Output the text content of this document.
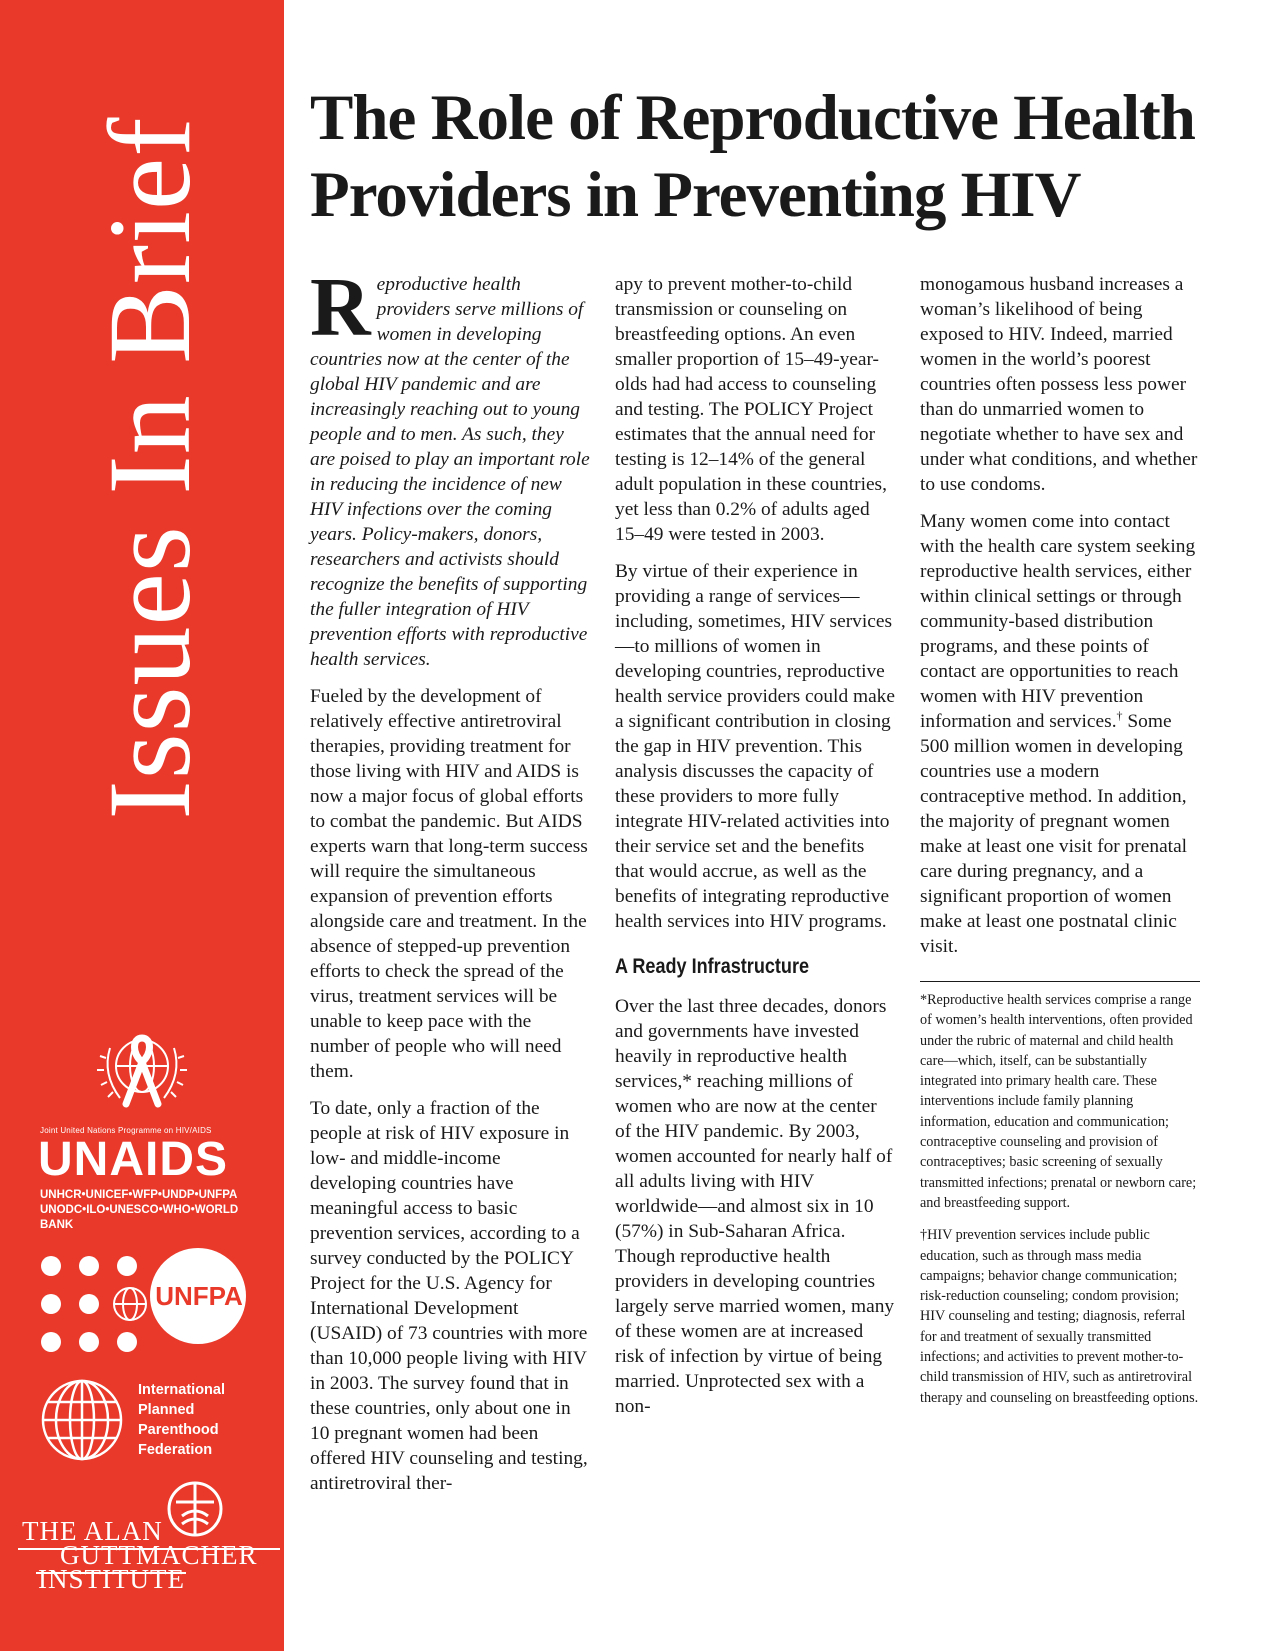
Issues In Brief
Joint United Nations Programme on HIV/AIDS
UNAIDS
UNHCR•UNICEF•WFP•UNDP•UNFPA
UNODC•ILO•UNESCO•WHO•WORLD BANK
UNFPA
International
Planned
Parenthood
Federation
THE ALAN
GUTTMACHER
INSTITUTE
The Role of Reproductive Health
Providers in Preventing HIV

Reproductive health providers serve millions of women in developing countries now at the center of the global HIV pandemic and are increasingly reaching out to young people and to men. As such, they are poised to play an important role in reducing the incidence of new HIV infections over the coming years. Policy-makers, donors, researchers and activists should recognize the benefits of supporting the fuller integration of HIV prevention efforts with reproductive health services.

Fueled by the development of relatively effective antiretroviral therapies, providing treatment for those living with HIV and AIDS is now a major focus of global efforts to combat the pandemic. But AIDS experts warn that long-term success will require the simultaneous expansion of prevention efforts alongside care and treatment. In the absence of stepped-up prevention efforts to check the spread of the virus, treatment services will be unable to keep pace with the number of people who will need them.

To date, only a fraction of the people at risk of HIV exposure in low- and middle-income developing countries have meaningful access to basic prevention services, according to a survey conducted by the POLICY Project for the U.S. Agency for International Development (USAID) of 73 countries with more than 10,000 people living with HIV in 2003. The survey found that in these countries, only about one in 10 pregnant women had been offered HIV counseling and testing, antiretroviral ther-

apy to prevent mother-to-child transmission or counseling on breastfeeding options. An even smaller proportion of 15–49-year-olds had had access to counseling and testing. The POLICY Project estimates that the annual need for testing is 12–14% of the general adult population in these countries, yet less than 0.2% of adults aged 15–49 were tested in 2003.

By virtue of their experience in providing a range of services—including, sometimes, HIV services—to millions of women in developing countries, reproductive health service providers could make a significant contribution in closing the gap in HIV prevention. This analysis discusses the capacity of these providers to more fully integrate HIV-related activities into their service set and the benefits that would accrue, as well as the benefits of integrating reproductive health services into HIV programs.

A Ready Infrastructure

Over the last three decades, donors and governments have invested heavily in reproductive health services,* reaching millions of women who are now at the center of the HIV pandemic. By 2003, women accounted for nearly half of all adults living with HIV worldwide—and almost six in 10 (57%) in Sub-Saharan Africa. Though reproductive health providers in developing countries largely serve married women, many of these women are at increased risk of infection by virtue of being married. Unprotected sex with a non-

monogamous husband increases a woman’s likelihood of being exposed to HIV. Indeed, married women in the world’s poorest countries often possess less power than do unmarried women to negotiate whether to have sex and under what conditions, and whether to use condoms.

Many women come into contact with the health care system seeking reproductive health services, either within clinical settings or through community-based distribution programs, and these points of contact are opportunities to reach women with HIV prevention information and services.† Some 500 million women in developing countries use a modern contraceptive method. In addition, the majority of pregnant women make at least one visit for prenatal care during pregnancy, and a significant proportion of women make at least one postnatal clinic visit.

*Reproductive health services comprise a range of women’s health interventions, often provided under the rubric of maternal and child health care—which, itself, can be substantially integrated into primary health care. These interventions include family planning information, education and communication; contraceptive counseling and provision of contraceptives; basic screening of sexually transmitted infections; prenatal or newborn care; and breastfeeding support.

†HIV prevention services include public education, such as through mass media campaigns; behavior change communication; risk-reduction counseling; condom provision; HIV counseling and testing; diagnosis, referral for and treatment of sexually transmitted infections; and activities to prevent mother-to-child transmission of HIV, such as antiretroviral therapy and counseling on breastfeeding options.
